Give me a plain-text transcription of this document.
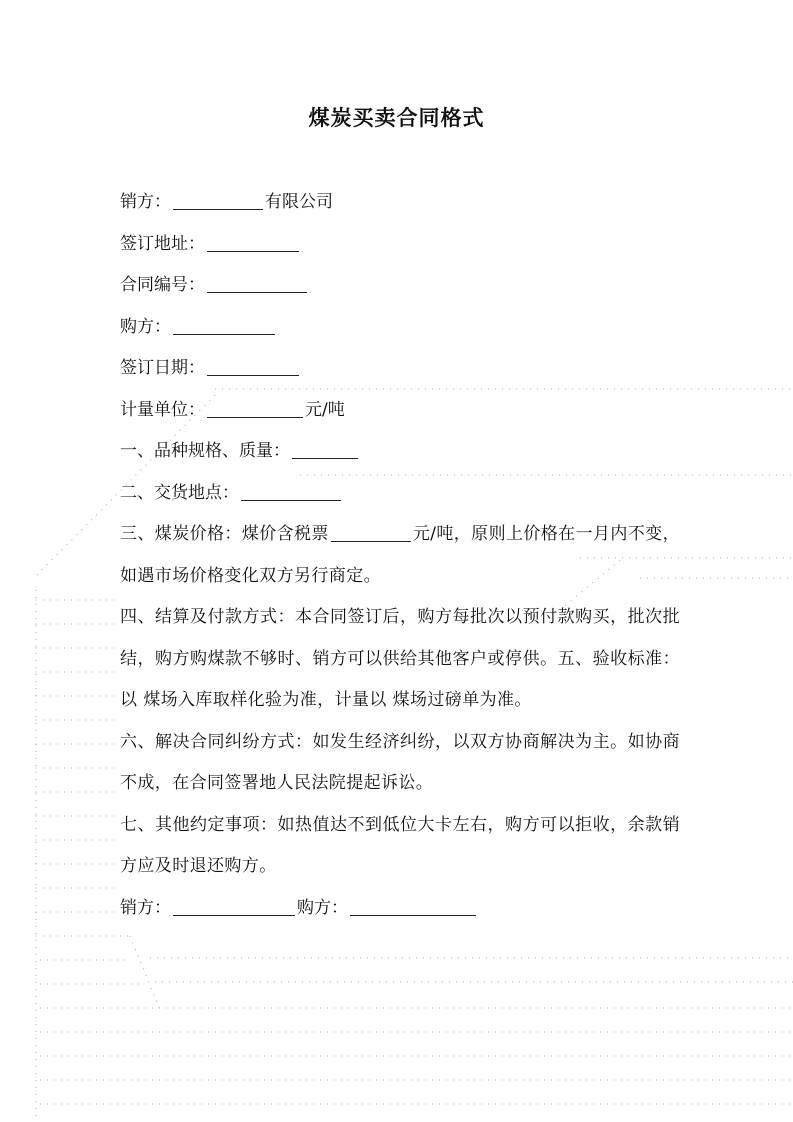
煤炭买卖合同格式
销方：	有限公司
签订地址：
合同编号：
购方：
签订日期：
计量单位：	元/吨
一、品种规格、质量：
二、交货地点：
三、煤炭价格：煤价含税票	元/吨，原则上价格在一月内不变，如遇市场价格变化双方另行商定。
四、结算及付款方式：本合同签订后，购方每批次以预付款购买，批次批结，购方购煤款不够时、销方可以供给其他客户或停供。五、验收标准：以 煤场入库取样化验为准，计量以 煤场过磅单为准。
六、解决合同纠纷方式：如发生经济纠纷，以双方协商解决为主。如协商不成，在合同签署地人民法院提起诉讼。
七、其他约定事项：如热值达不到低位大卡左右，购方可以拒收，余款销方应及时退还购方。
销方：	购方：
